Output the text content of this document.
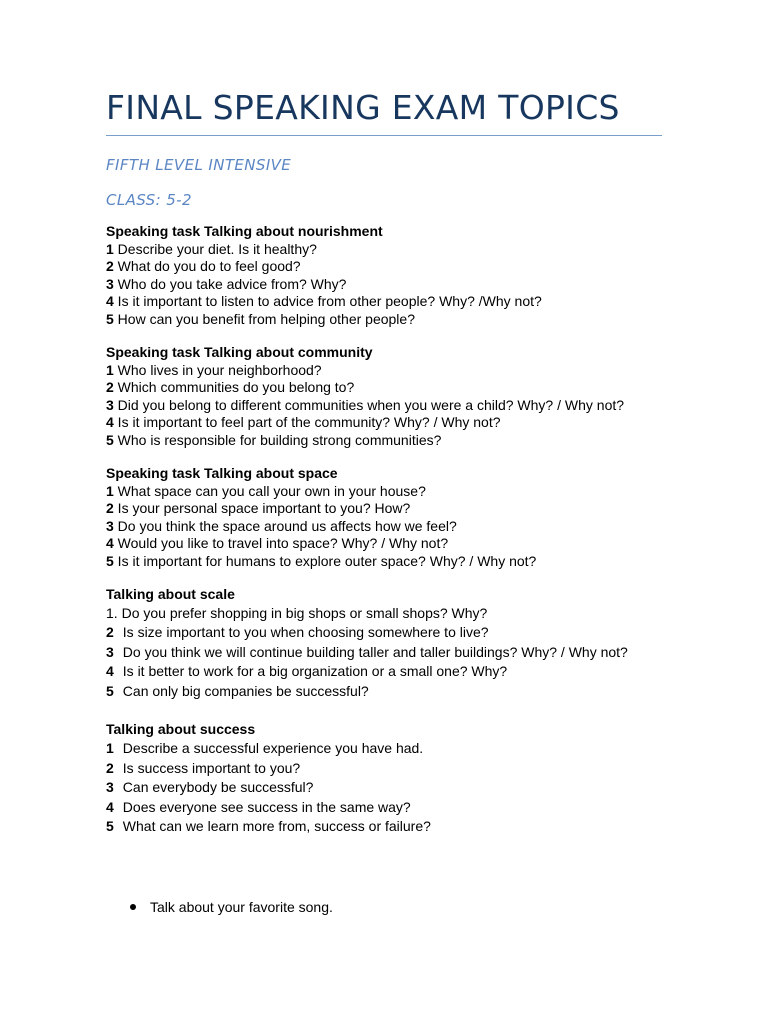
FINAL SPEAKING EXAM TOPICS
FIFTH LEVEL INTENSIVE
CLASS: 5-2
Speaking task Talking about nourishment
1 Describe your diet. Is it healthy?
2 What do you do to feel good?
3 Who do you take advice from? Why?
4 Is it important to listen to advice from other people? Why? /Why not?
5 How can you benefit from helping other people?
Speaking task Talking about community
1 Who lives in your neighborhood?
2 Which communities do you belong to?
3 Did you belong to different communities when you were a child? Why? / Why not?
4 Is it important to feel part of the community? Why? / Why not?
5 Who is responsible for building strong communities?
Speaking task Talking about space
1 What space can you call your own in your house?
2 Is your personal space important to you? How?
3 Do you think the space around us affects how we feel?
4 Would you like to travel into space? Why? / Why not?
5 Is it important for humans to explore outer space? Why? / Why not?
Talking about scale
1. Do you prefer shopping in big shops or small shops? Why?
2 Is size important to you when choosing somewhere to live?
3 Do you think we will continue building taller and taller buildings? Why? / Why not?
4 Is it better to work for a big organization or a small one? Why?
5 Can only big companies be successful?
Talking about success
1 Describe a successful experience you have had.
2 Is success important to you?
3 Can everybody be successful?
4 Does everyone see success in the same way?
5 What can we learn more from, success or failure?
Talk about your favorite song.
